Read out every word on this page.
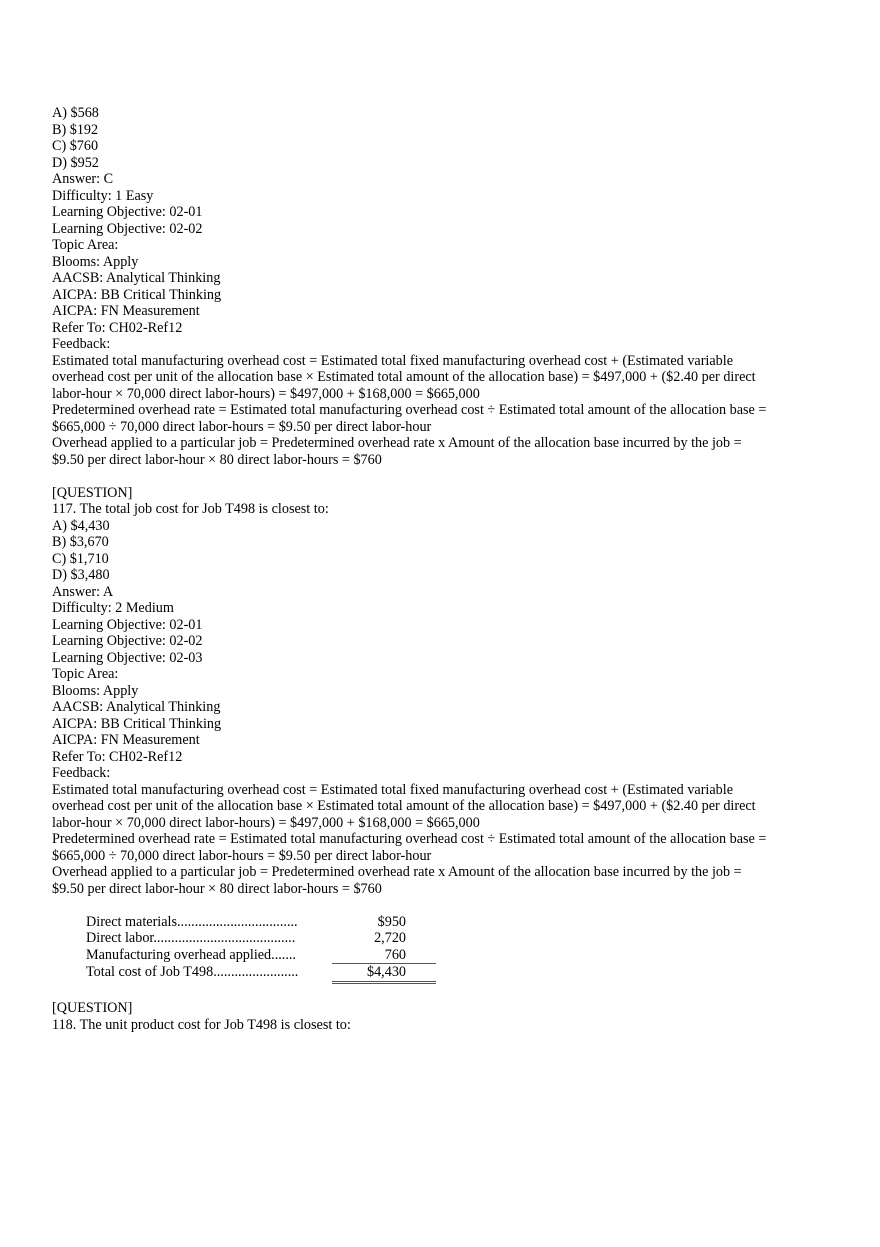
A) $568
B) $192
C) $760
D) $952
Answer: C
Difficulty: 1 Easy
Learning Objective: 02-01
Learning Objective: 02-02
Topic Area:
Blooms: Apply
AACSB: Analytical Thinking
AICPA: BB Critical Thinking
AICPA: FN Measurement
Refer To: CH02-Ref12
Feedback:
Estimated total manufacturing overhead cost = Estimated total fixed manufacturing overhead cost + (Estimated variable overhead cost per unit of the allocation base × Estimated total amount of the allocation base) = $497,000 + ($2.40 per direct labor-hour × 70,000 direct labor-hours) = $497,000 + $168,000 = $665,000
Predetermined overhead rate = Estimated total manufacturing overhead cost ÷ Estimated total amount of the allocation base = $665,000 ÷ 70,000 direct labor-hours = $9.50 per direct labor-hour
Overhead applied to a particular job = Predetermined overhead rate x Amount of the allocation base incurred by the job = $9.50 per direct labor-hour × 80 direct labor-hours = $760
[QUESTION]
117. The total job cost for Job T498 is closest to:
A) $4,430
B) $3,670
C) $1,710
D) $3,480
Answer: A
Difficulty: 2 Medium
Learning Objective: 02-01
Learning Objective: 02-02
Learning Objective: 02-03
Topic Area:
Blooms: Apply
AACSB: Analytical Thinking
AICPA: BB Critical Thinking
AICPA: FN Measurement
Refer To: CH02-Ref12
Feedback:
Estimated total manufacturing overhead cost = Estimated total fixed manufacturing overhead cost + (Estimated variable overhead cost per unit of the allocation base × Estimated total amount of the allocation base) = $497,000 + ($2.40 per direct labor-hour × 70,000 direct labor-hours) = $497,000 + $168,000 = $665,000
Predetermined overhead rate = Estimated total manufacturing overhead cost ÷ Estimated total amount of the allocation base = $665,000 ÷ 70,000 direct labor-hours = $9.50 per direct labor-hour
Overhead applied to a particular job = Predetermined overhead rate x Amount of the allocation base incurred by the job = $9.50 per direct labor-hour × 80 direct labor-hours = $760
Direct materials..................................	$950
Direct labor........................................	2,720
Manufacturing overhead applied.......	760
Total cost of Job T498........................	$4,430
[QUESTION]
118. The unit product cost for Job T498 is closest to:
